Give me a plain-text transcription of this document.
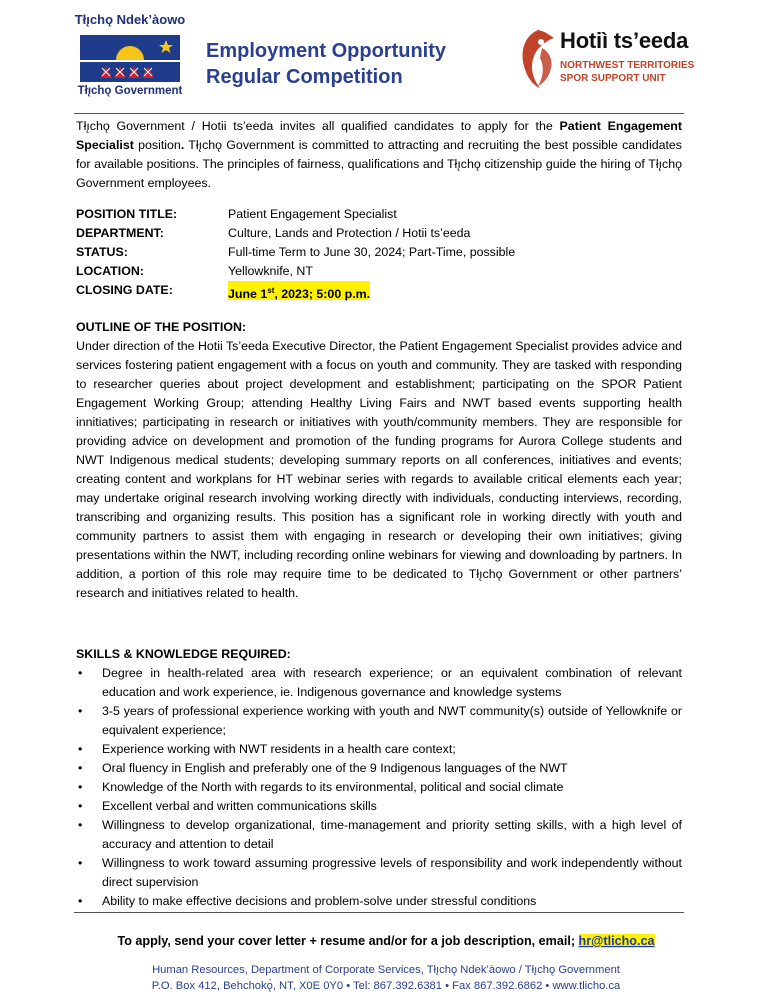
Tłı̨chǫ Ndek’àowo
Tłı̨chǫ Government
Employment Opportunity
Regular Competition
Hotiì ts’eeda
NORTHWEST TERRITORIES
SPOR SUPPORT UNIT
Tłı̨chǫ Government / Hotii ts’eeda invites all qualified candidates to apply for the Patient Engagement Specialist position. Tłı̨chǫ Government is committed to attracting and recruiting the best possible candidates for available positions. The principles of fairness, qualifications and Tłı̨chǫ citizenship guide the hiring of Tłı̨chǫ Government employees.
POSITION TITLE:	Patient Engagement Specialist
DEPARTMENT:	Culture, Lands and Protection / Hotii ts’eeda
STATUS:	Full-time Term to June 30, 2024; Part-Time, possible
LOCATION:	Yellowknife, NT
CLOSING DATE:	June 1st, 2023; 5:00 p.m.
OUTLINE OF THE POSITION:
Under direction of the Hotii Ts’eeda Executive Director, the Patient Engagement Specialist provides advice and services fostering patient engagement with a focus on youth and community. They are tasked with responding to researcher queries about project development and establishment; participating on the SPOR Patient Engagement Working Group; attending Healthy Living Fairs and NWT based events supporting health innitiatives; participating in research or initiatives with youth/community members. They are responsible for providing advice on development and promotion of the funding programs for Aurora College students and NWT Indigenous medical students; developing summary reports on all conferences, initiatives and events; creating content and workplans for HT webinar series with regards to available critical elements each year; may undertake original research involving working directly with individuals, conducting interviews, recording, transcribing and organizing results. This position has a significant role in working directly with youth and community partners to assist them with engaging in research or developing their own initiatives; giving presentations within the NWT, including recording online webinars for viewing and downloading by partners. In addition, a portion of this role may require time to be dedicated to Tłı̨chǫ Government or other partners’ research and initiatives related to health.
SKILLS & KNOWLEDGE REQUIRED:
• Degree in health-related area with research experience; or an equivalent combination of relevant education and work experience, ie. Indigenous governance and knowledge systems
• 3-5 years of professional experience working with youth and NWT community(s) outside of Yellowknife or equivalent experience;
• Experience working with NWT residents in a health care context;
• Oral fluency in English and preferably one of the 9 Indigenous languages of the NWT
• Knowledge of the North with regards to its environmental, political and social climate
• Excellent verbal and written communications skills
• Willingness to develop organizational, time-management and priority setting skills, with a high level of accuracy and attention to detail
• Willingness to work toward assuming progressive levels of responsibility and work independently without direct supervision
• Ability to make effective decisions and problem-solve under stressful conditions
To apply, send your cover letter + resume and/or for a job description, email; hr@tlicho.ca
Human Resources, Department of Corporate Services, Tłı̨chǫ Ndek’àowo / Tłı̨chǫ Government
P.O. Box 412, Behchokǫ̀, NT, X0E 0Y0 • Tel: 867.392.6381 • Fax 867.392.6862 • www.tlicho.ca
